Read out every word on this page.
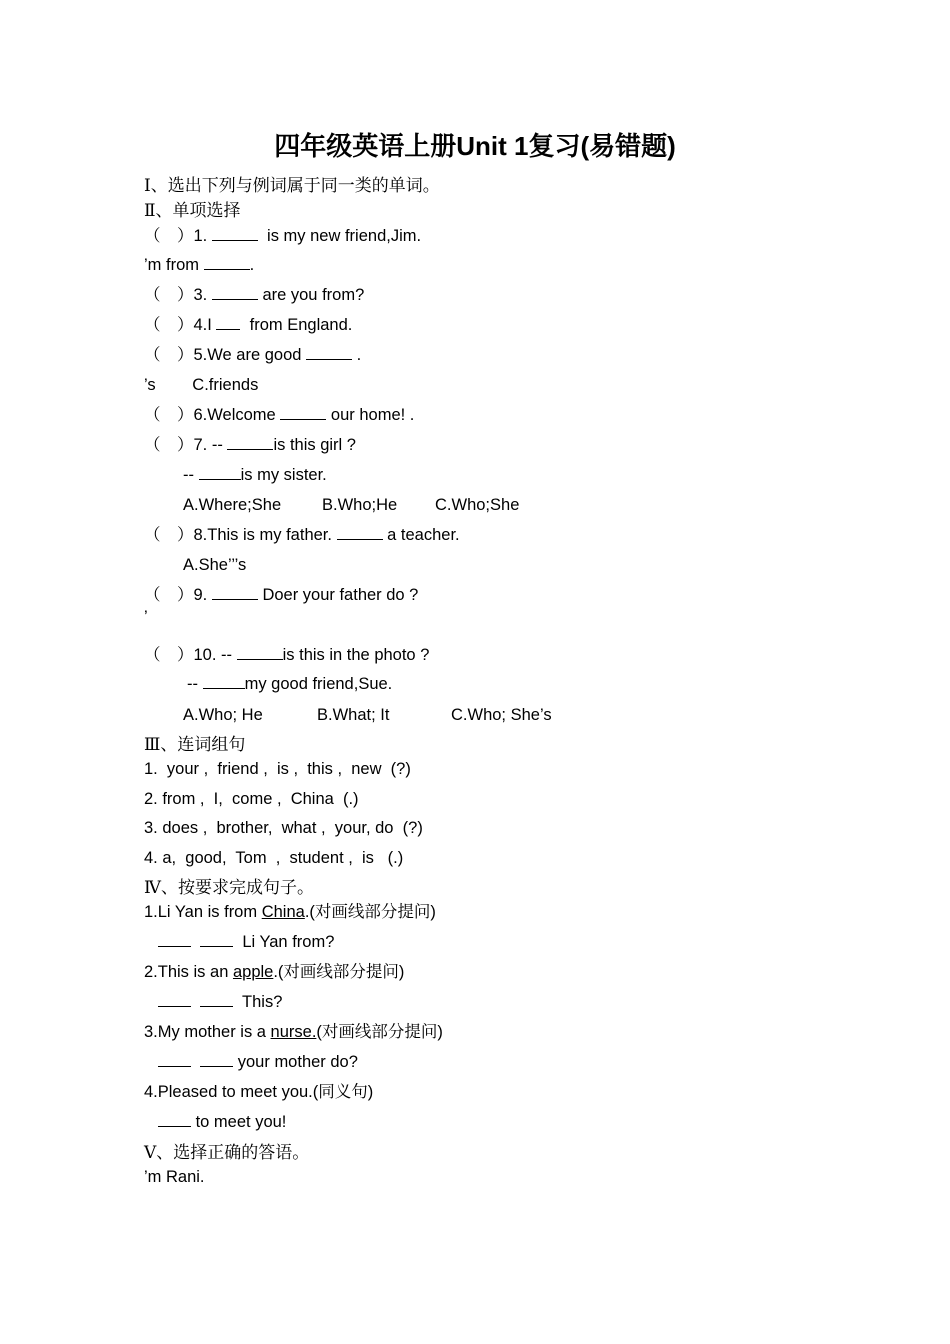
四年级英语上册Unit 1复习(易错题)
Ⅰ、选出下列与例词属于同一类的单词。
Ⅱ、单项选择
（　）1.	is my new friend,Jim.
’m from	.
（　）3.	are you from?
（　）4.I   from England.
（　）5.We are good	.
’s        C.friends
（　）6.Welcome	our home! .
（　）7. --	is this girl ?
--	is my sister.
A.Where;She B.Who;He C.Who;She
（　）8.This is my father.	a teacher.
A.She’’’s
（　）9.	Doer your father do ?
’
（　）10. --	is this in the photo ?
--	my good friend,Sue.
A.Who; He	B.What; It	C.Who; She’s
Ⅲ、连词组句
1.  your ,  friend ,  is ,  this ,  new  (?)
2. from ,  I,  come ,  China  (.)
3. does ,  brother,  what ,  your, do  (?)
4. a,  good,  Tom  ,  student ,  is   (.)
Ⅳ、按要求完成句子。
1.Li Yan is from China.(对画线部分提问)
Li Yan from?
2.This is an apple.(对画线部分提问)
This?
3.My mother is a nurse.(对画线部分提问)
your mother do?
4.Pleased to meet you.(同义句)
to meet you!
Ⅴ、选择正确的答语。
’m Rani.
